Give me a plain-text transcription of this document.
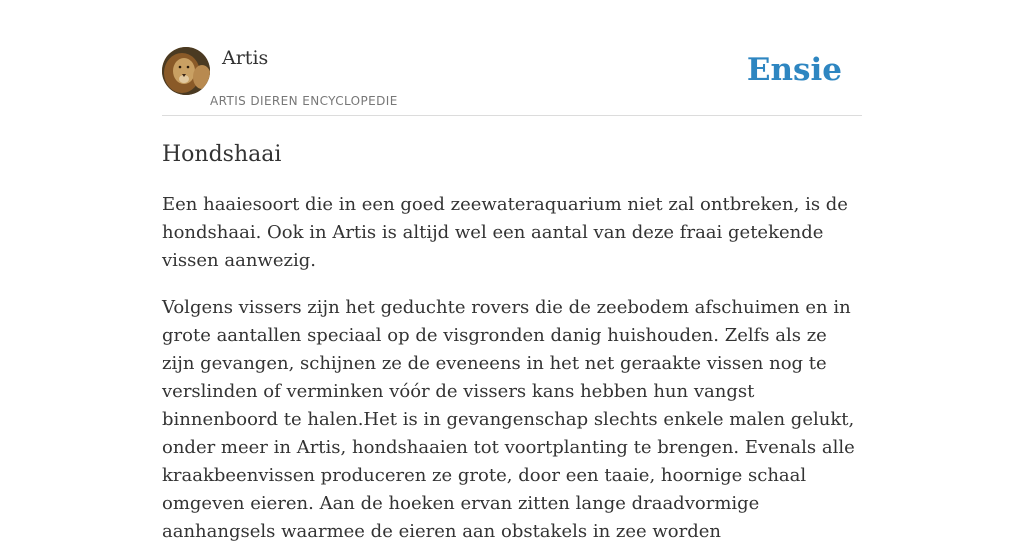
Artis
ARTIS DIEREN ENCYCLOPEDIE
Ensie
Hondshaai

Een haaiesoort die in een goed zeewateraquarium niet zal ontbreken, is de hondshaai. Ook in Artis is altijd wel een aantal van deze fraai getekende vissen aanwezig.

Volgens vissers zijn het geduchte rovers die de zeebodem afschuimen en in grote aantallen speciaal op de visgronden danig huishouden. Zelfs als ze zijn gevangen, schijnen ze de eveneens in het net geraakte vissen nog te verslinden of verminken vóór de vissers kans hebben hun vangst binnenboord te halen.Het is in gevangenschap slechts enkele malen gelukt, onder meer in Artis, hondshaaien tot voortplanting te brengen. Evenals alle kraakbeenvissen produceren ze grote, door een taaie, hoornige schaal omgeven eieren. Aan de hoeken ervan zitten lange draadvormige aanhangsels waarmee de eieren aan obstakels in zee worden
